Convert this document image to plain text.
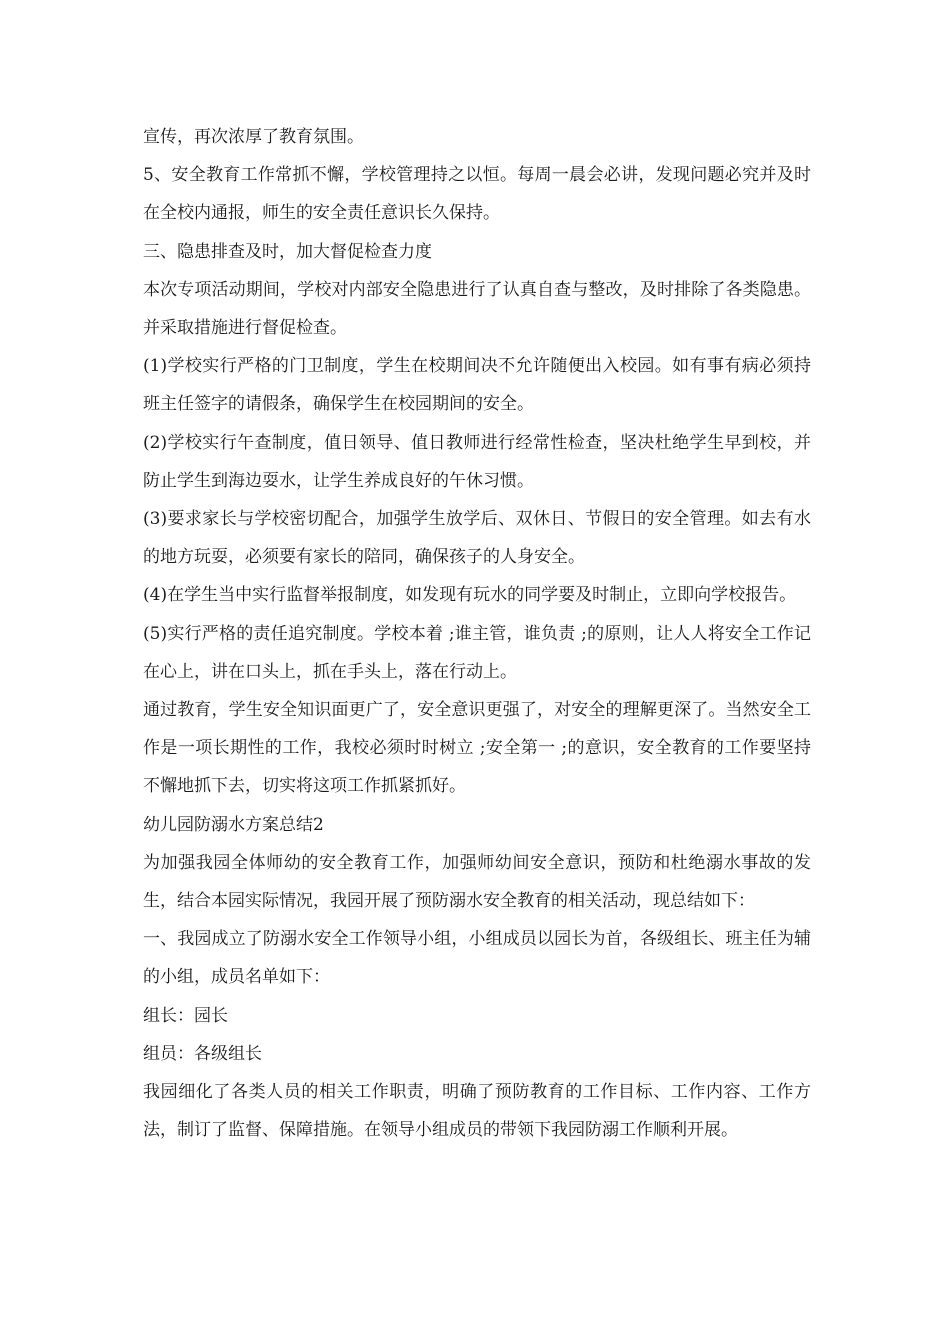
宣传，再次浓厚了教育氛围。

5、安全教育工作常抓不懈，学校管理持之以恒。每周一晨会必讲，发现问题必究并及时在全校内通报，师生的安全责任意识长久保持。

三、隐患排查及时，加大督促检查力度

本次专项活动期间，学校对内部安全隐患进行了认真自查与整改，及时排除了各类隐患。并采取措施进行督促检查。

(1)学校实行严格的门卫制度，学生在校期间决不允许随便出入校园。如有事有病必须持班主任签字的请假条，确保学生在校园期间的安全。

(2)学校实行午查制度，值日领导、值日教师进行经常性检查，坚决杜绝学生早到校，并防止学生到海边耍水，让学生养成良好的午休习惯。

(3)要求家长与学校密切配合，加强学生放学后、双休日、节假日的安全管理。如去有水的地方玩耍，必须要有家长的陪同，确保孩子的人身安全。

(4)在学生当中实行监督举报制度，如发现有玩水的同学要及时制止，立即向学校报告。

(5)实行严格的责任追究制度。学校本着 ;谁主管，谁负责 ;的原则，让人人将安全工作记在心上，讲在口头上，抓在手头上，落在行动上。

通过教育，学生安全知识面更广了，安全意识更强了，对安全的理解更深了。当然安全工作是一项长期性的工作，我校必须时时树立 ;安全第一 ;的意识，安全教育的工作要坚持不懈地抓下去，切实将这项工作抓紧抓好。

幼儿园防溺水方案总结2

为加强我园全体师幼的安全教育工作，加强师幼间安全意识，预防和杜绝溺水事故的发生，结合本园实际情况，我园开展了预防溺水安全教育的相关活动，现总结如下：

一、我园成立了防溺水安全工作领导小组，小组成员以园长为首，各级组长、班主任为辅的小组，成员名单如下：

组长：园长

组员：各级组长

我园细化了各类人员的相关工作职责，明确了预防教育的工作目标、工作内容、工作方法，制订了监督、保障措施。在领导小组成员的带领下我园防溺工作顺利开展。
